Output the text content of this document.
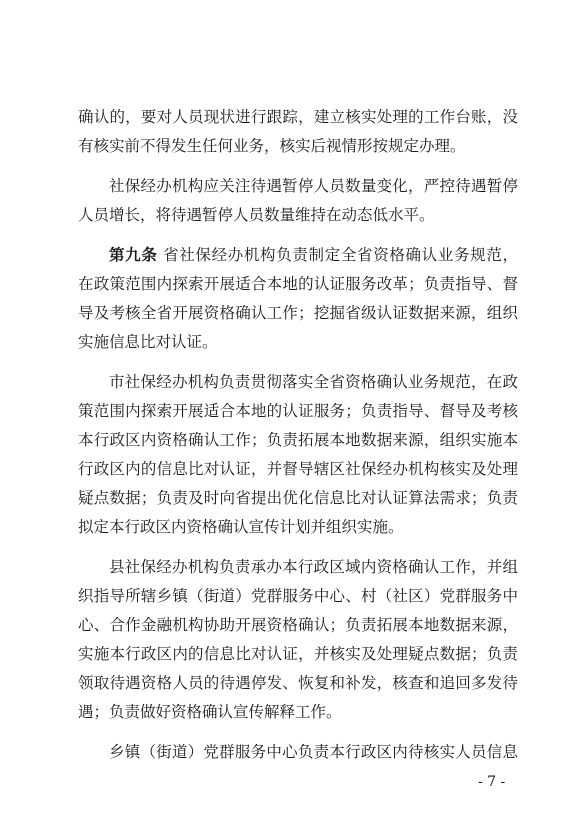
确认的，要对人员现状进行跟踪，建立核实处理的工作台账，没
有核实前不得发生任何业务，核实后视情形按规定办理。
社保经办机构应关注待遇暂停人员数量变化，严控待遇暂停
人员增长，将待遇暂停人员数量维持在动态低水平。
第九条 省社保经办机构负责制定全省资格确认业务规范，
在政策范围内探索开展适合本地的认证服务改革；负责指导、督
导及考核全省开展资格确认工作；挖掘省级认证数据来源，组织
实施信息比对认证。
市社保经办机构负责贯彻落实全省资格确认业务规范，在政
策范围内探索开展适合本地的认证服务；负责指导、督导及考核
本行政区内资格确认工作；负责拓展本地数据来源，组织实施本
行政区内的信息比对认证，并督导辖区社保经办机构核实及处理
疑点数据；负责及时向省提出优化信息比对认证算法需求；负责
拟定本行政区内资格确认宣传计划并组织实施。
县社保经办机构负责承办本行政区域内资格确认工作，并组
织指导所辖乡镇（街道）党群服务中心、村（社区）党群服务中
心、合作金融机构协助开展资格确认；负责拓展本地数据来源，
实施本行政区内的信息比对认证，并核实及处理疑点数据；负责
领取待遇资格人员的待遇停发、恢复和补发，核查和追回多发待
遇；负责做好资格确认宣传解释工作。
乡镇（街道）党群服务中心负责本行政区内待核实人员信息
- 7 -
